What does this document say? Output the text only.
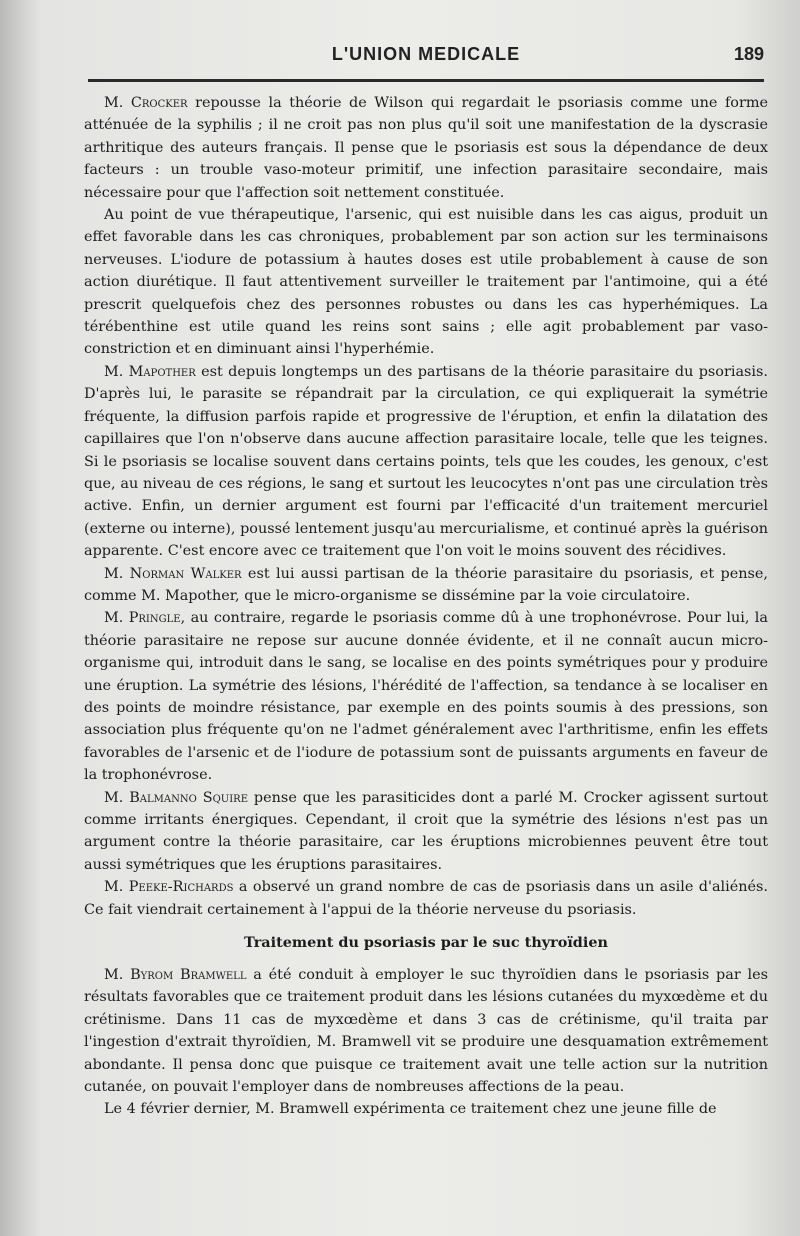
L'UNION MEDICALE	189

M. Crocker repousse la théorie de Wilson qui regardait le psoriasis comme une forme atténuée de la syphilis ; il ne croit pas non plus qu'il soit une manifestation de la dyscrasie arthritique des auteurs français. Il pense que le psoriasis est sous la dépendance de deux facteurs : un trouble vaso-moteur primitif, une infection parasitaire secondaire, mais nécessaire pour que l'affection soit nettement constituée.

Au point de vue thérapeutique, l'arsenic, qui est nuisible dans les cas aigus, produit un effet favorable dans les cas chroniques, probablement par son action sur les terminaisons nerveuses. L'iodure de potassium à hautes doses est utile probablement à cause de son action diurétique. Il faut attentivement surveiller le traitement par l'antimoine, qui a été prescrit quelquefois chez des personnes robustes ou dans les cas hyperhémiques. La térébenthine est utile quand les reins sont sains ; elle agit probablement par vaso-constriction et en diminuant ainsi l'hyperhémie.

M. Mapother est depuis longtemps un des partisans de la théorie parasitaire du psoriasis. D'après lui, le parasite se répandrait par la circulation, ce qui expliquerait la symétrie fréquente, la diffusion parfois rapide et progressive de l'éruption, et enfin la dilatation des capillaires que l'on n'observe dans aucune affection parasitaire locale, telle que les teignes. Si le psoriasis se localise souvent dans certains points, tels que les coudes, les genoux, c'est que, au niveau de ces régions, le sang et surtout les leucocytes n'ont pas une circulation très active. Enfin, un dernier argument est fourni par l'efficacité d'un traitement mercuriel (externe ou interne), poussé lentement jusqu'au mercurialisme, et continué après la guérison apparente. C'est encore avec ce traitement que l'on voit le moins souvent des récidives.

M. Norman Walker est lui aussi partisan de la théorie parasitaire du psoriasis, et pense, comme M. Mapother, que le micro-organisme se dissémine par la voie circulatoire.

M. Pringle, au contraire, regarde le psoriasis comme dû à une trophonévrose. Pour lui, la théorie parasitaire ne repose sur aucune donnée évidente, et il ne connaît aucun micro-organisme qui, introduit dans le sang, se localise en des points symétriques pour y produire une éruption. La symétrie des lésions, l'hérédité de l'affection, sa tendance à se localiser en des points de moindre résistance, par exemple en des points soumis à des pressions, son association plus fréquente qu'on ne l'admet généralement avec l'arthritisme, enfin les effets favorables de l'arsenic et de l'iodure de potassium sont de puissants arguments en faveur de la trophonévrose.

M. Balmanno Squire pense que les parasiticides dont a parlé M. Crocker agissent surtout comme irritants énergiques. Cependant, il croit que la symétrie des lésions n'est pas un argument contre la théorie parasitaire, car les éruptions microbiennes peuvent être tout aussi symétriques que les éruptions parasitaires.

M. Peeke-Richards a observé un grand nombre de cas de psoriasis dans un asile d'aliénés. Ce fait viendrait certainement à l'appui de la théorie nerveuse du psoriasis.

Traitement du psoriasis par le suc thyroïdien

M. Byrom Bramwell a été conduit à employer le suc thyroïdien dans le psoriasis par les résultats favorables que ce traitement produit dans les lésions cutanées du myxœdème et du crétinisme. Dans 11 cas de myxœdème et dans 3 cas de crétinisme, qu'il traita par l'ingestion d'extrait thyroïdien, M. Bramwell vit se produire une desquamation extrêmement abondante. Il pensa donc que puisque ce traitement avait une telle action sur la nutrition cutanée, on pouvait l'employer dans de nombreuses affections de la peau.

Le 4 février dernier, M. Bramwell expérimenta ce traitement chez une jeune fille de
